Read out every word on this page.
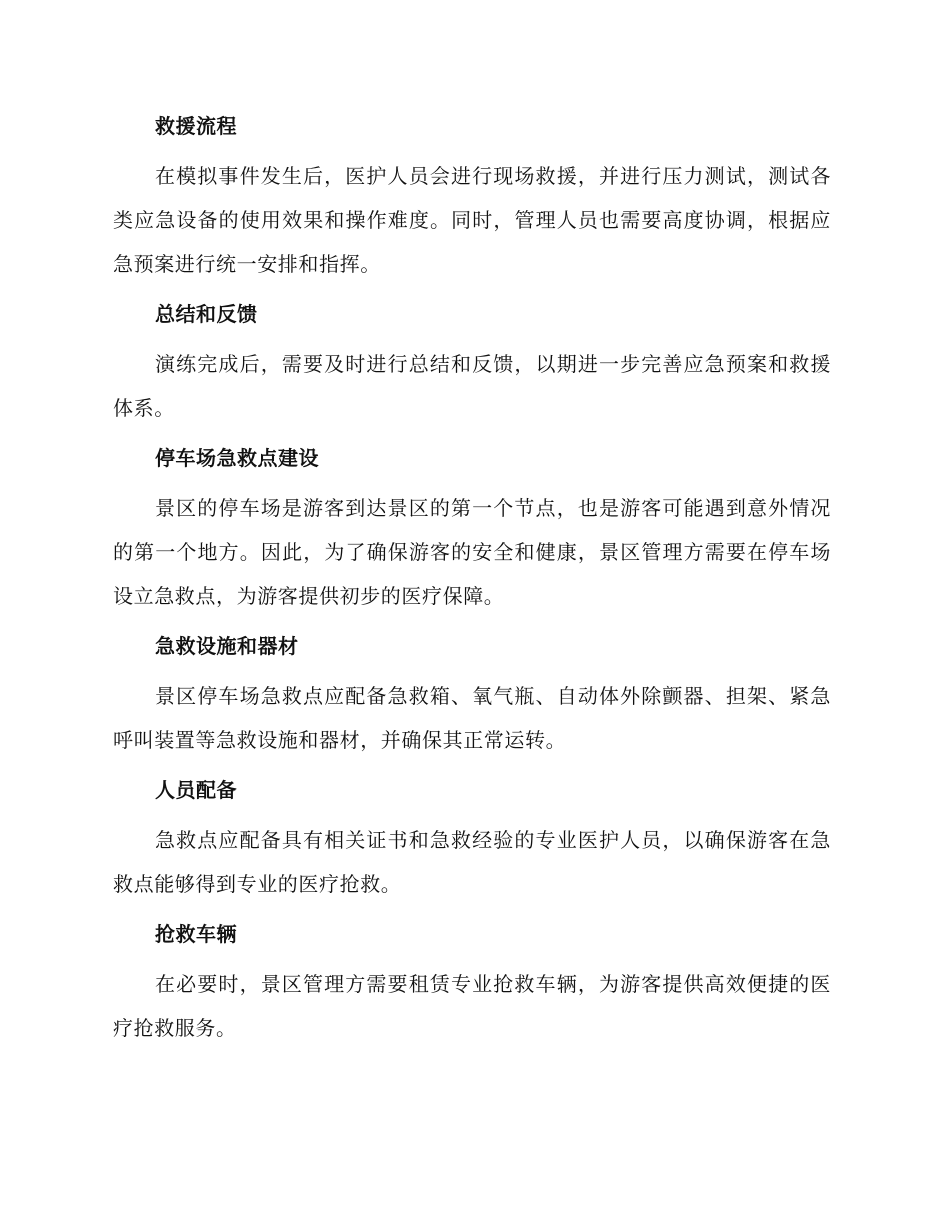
救援流程

在模拟事件发生后，医护人员会进行现场救援，并进行压力测试，测试各类应急设备的使用效果和操作难度。同时，管理人员也需要高度协调，根据应急预案进行统一安排和指挥。

总结和反馈

演练完成后，需要及时进行总结和反馈，以期进一步完善应急预案和救援体系。

停车场急救点建设

景区的停车场是游客到达景区的第一个节点，也是游客可能遇到意外情况的第一个地方。因此，为了确保游客的安全和健康，景区管理方需要在停车场设立急救点，为游客提供初步的医疗保障。

急救设施和器材

景区停车场急救点应配备急救箱、氧气瓶、自动体外除颤器、担架、紧急呼叫装置等急救设施和器材，并确保其正常运转。

人员配备

急救点应配备具有相关证书和急救经验的专业医护人员，以确保游客在急救点能够得到专业的医疗抢救。

抢救车辆

在必要时，景区管理方需要租赁专业抢救车辆，为游客提供高效便捷的医疗抢救服务。
